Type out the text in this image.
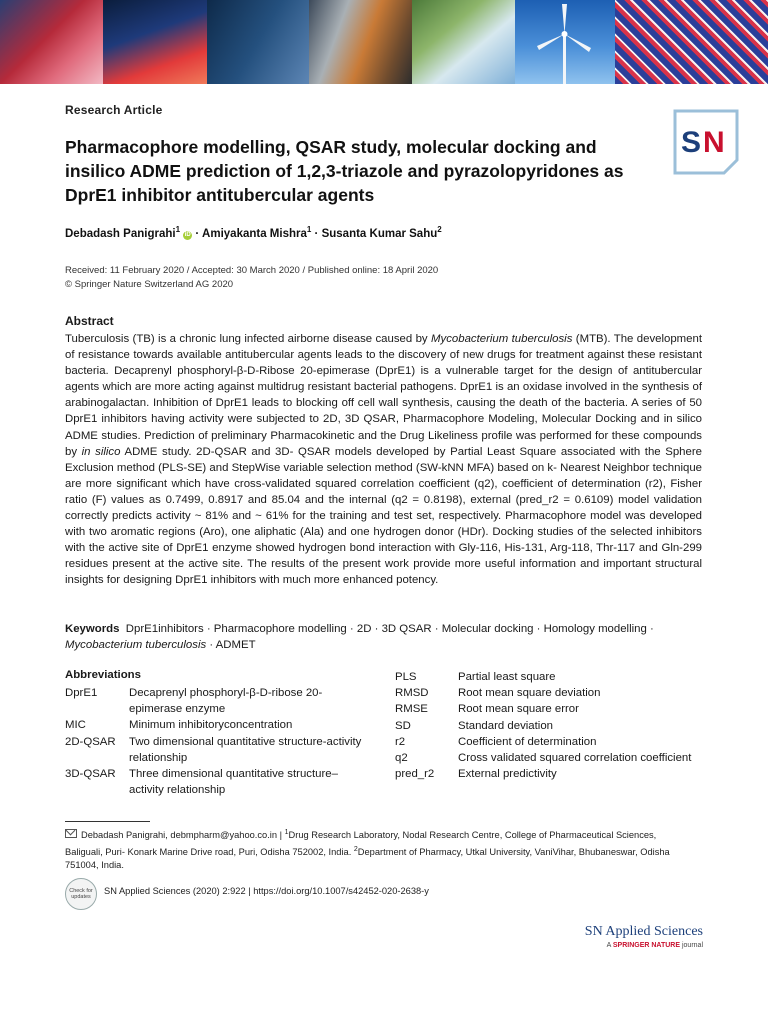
Research Article
Pharmacophore modelling, QSAR study, molecular docking and insilico ADME prediction of 1,2,3-triazole and pyrazolopyridones as DprE1 inhibitor antitubercular agents
S N
Debadash Panigrahi$^1$ iD · Amiyakanta Mishra$^1$ · Susanta Kumar Sahu$^2$
Received: 11 February 2020 / Accepted: 30 March 2020 / Published online: 18 April 2020
© Springer Nature Switzerland AG 2020
Abstract
Tuberculosis (TB) is a chronic lung infected airborne disease caused by Mycobacterium tuberculosis (MTB). The development of resistance towards available antitubercular agents leads to the discovery of new drugs for treatment against these resistant bacteria. Decaprenyl phosphoryl-β-D-Ribose 20-epimerase (DprE1) is a vulnerable target for the design of antitubercular agents which are more acting against multidrug resistant bacterial pathogens. DprE1 is an oxidase involved in the synthesis of arabinogalactan. Inhibition of DprE1 leads to blocking off cell wall synthesis, causing the death of the bacteria. A series of 50 DprE1 inhibitors having activity were subjected to 2D, 3D QSAR, Pharmacophore Modeling, Molecular Docking and in silico ADME studies. Prediction of preliminary Pharmacokinetic and the Drug Likeliness profile was performed for these compounds by in silico ADME study. 2D-QSAR and 3D- QSAR models developed by Partial Least Square associated with the Sphere Exclusion method (PLS-SE) and StepWise variable selection method (SW-kNN MFA) based on k- Nearest Neighbor technique are more significant which have cross-validated squared correlation coefficient (q2), coefficient of determination (r2), Fisher ratio (F) values as 0.7499, 0.8917 and 85.04 and the internal (q2 = 0.8198), external (pred_r2 = 0.6109) model validation correctly predicts activity ~ 81% and ~ 61% for the training and test set, respectively. Pharmacophore model was developed with two aromatic regions (Aro), one aliphatic (Ala) and one hydrogen donor (HDr). Docking studies of the selected inhibitors with the active site of DprE1 enzyme showed hydrogen bond interaction with Gly-116, His-131, Arg-118, Thr-117 and Gln-299 residues present at the active site. The results of the present work provide more useful information and important structural insights for designing DprE1 inhibitors with much more enhanced potency.
Keywords DprE1inhibitors · Pharmacophore modelling · 2D · 3D QSAR · Molecular docking · Homology modelling · Mycobacterium tuberculosis · ADMET
Abbreviations
DprE1	Decaprenyl phosphoryl-β-D-ribose 20-epimerase enzyme
MIC	Minimum inhibitoryconcentration
2D-QSAR	Two dimensional quantitative structure-activity relationship
3D-QSAR	Three dimensional quantitative structure–activity relationship
PLS	Partial least square
RMSD	Root mean square deviation
RMSE	Root mean square error
SD	Standard deviation
r2	Coefficient of determination
q2	Cross validated squared correlation coefficient
pred_r2	External predictivity
Debadash Panigrahi, debmpharm@yahoo.co.in | $^1$Drug Research Laboratory, Nodal Research Centre, College of Pharmaceutical Sciences, Baliguali, Puri- Konark Marine Drive road, Puri, Odisha 752002, India. $^2$Department of Pharmacy, Utkal University, VaniVihar, Bhubaneswar, Odisha 751004, India.
Check for updates
SN Applied Sciences (2020) 2:922 | https://doi.org/10.1007/s42452-020-2638-y
SN Applied Sciences
A SPRINGER NATURE journal
